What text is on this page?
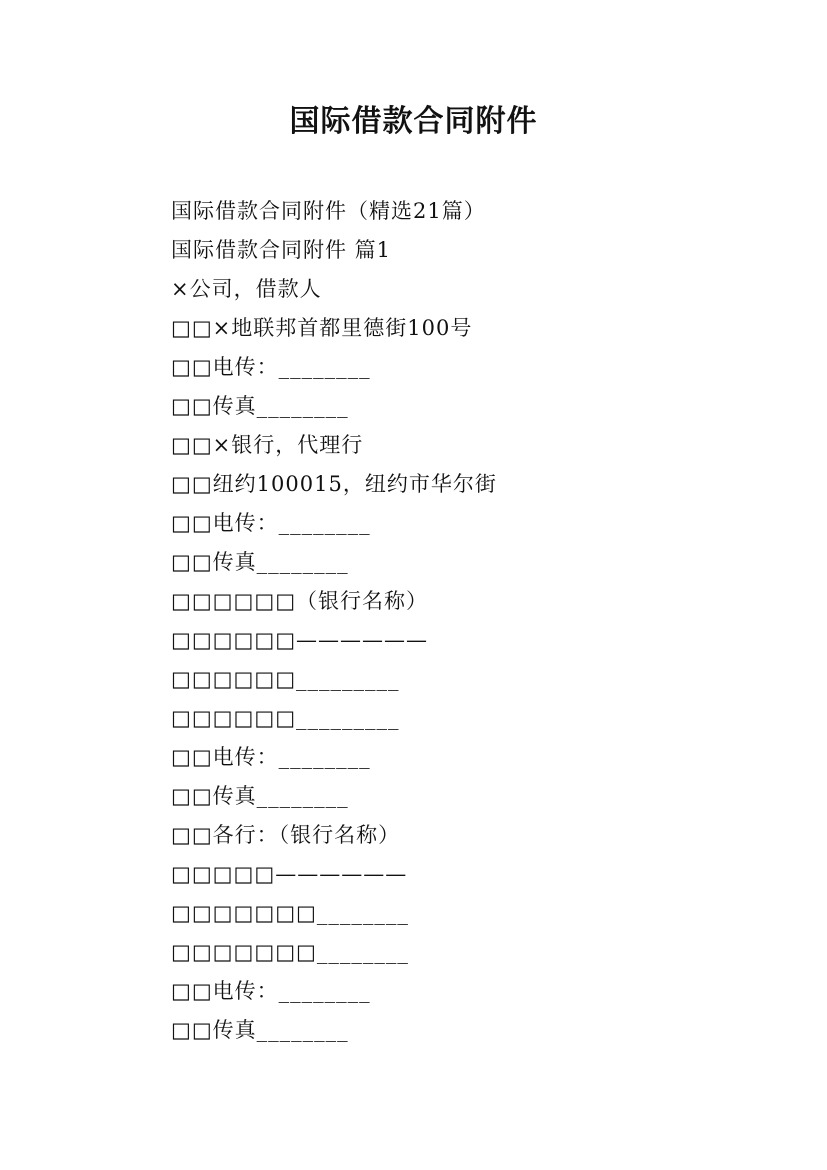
国际借款合同附件
国际借款合同附件（精选21篇）
国际借款合同附件 篇1
×公司，借款人
□□×地联邦首都里德街100号
□□电传：________
□□传真________
□□×银行，代理行
□□纽约100015，纽约市华尔街
□□电传：________
□□传真________
□□□□□□（银行名称）
□□□□□□——————
□□□□□□_________
□□□□□□_________
□□电传：________
□□传真________
□□各行：（银行名称）
□□□□□——————
□□□□□□□________
□□□□□□□________
□□电传：________
□□传真________
